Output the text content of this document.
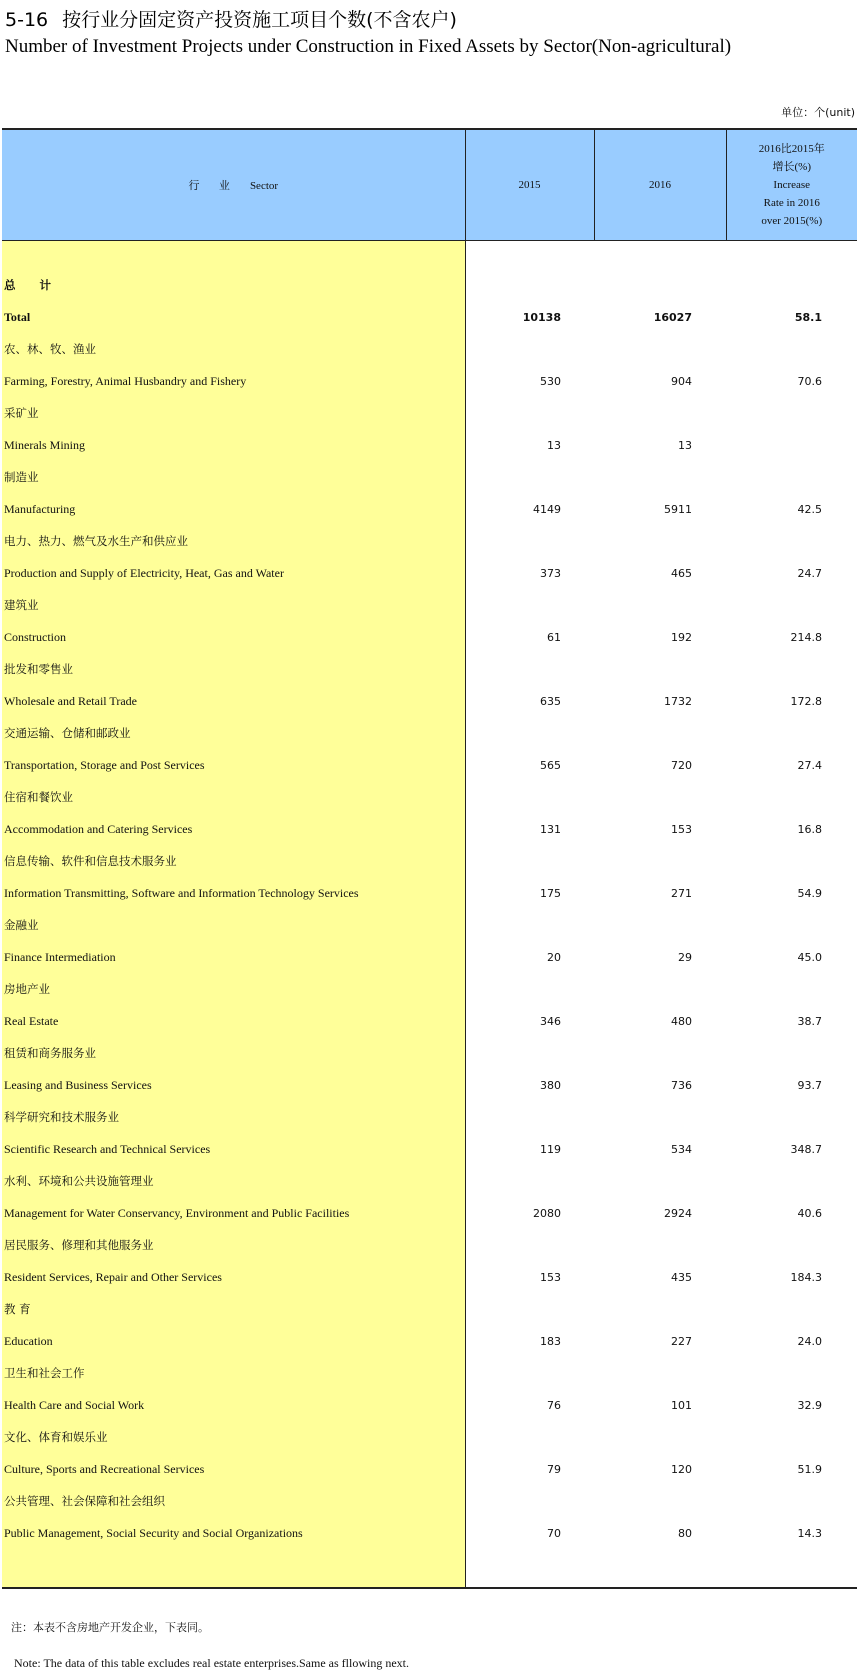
5-16 按行业分固定资产投资施工项目个数(不含农户)
Number of Investment Projects under Construction in Fixed Assets by Sector(Non-agricultural)
单位：个(unit)
行 业 Sector	2015	2016	2016比2015年
增长(%)
Increase
Rate in 2016
over 2015(%)

总 计			
Total	10138	16027	58.1
农、林、牧、渔业			
Farming, Forestry, Animal Husbandry and Fishery	530	904	70.6
采矿业			
Minerals Mining	13	13	
制造业			
Manufacturing	4149	5911	42.5
电力、热力、燃气及水生产和供应业			
Production and Supply of Electricity, Heat, Gas and Water	373	465	24.7
建筑业			
Construction	61	192	214.8
批发和零售业			
Wholesale and Retail Trade	635	1732	172.8
交通运输、仓储和邮政业			
Transportation, Storage and Post Services	565	720	27.4
住宿和餐饮业			
Accommodation and Catering Services	131	153	16.8
信息传输、软件和信息技术服务业			
Information Transmitting, Software and Information Technology Services	175	271	54.9
金融业			
Finance Intermediation	20	29	45.0
房地产业			
Real Estate	346	480	38.7
租赁和商务服务业			
Leasing and Business Services	380	736	93.7
科学研究和技术服务业			
Scientific Research and Technical Services	119	534	348.7
水利、环境和公共设施管理业			
Management for Water Conservancy, Environment and Public Facilities	2080	2924	40.6
居民服务、修理和其他服务业			
Resident Services, Repair and Other Services	153	435	184.3
教 育			
Education	183	227	24.0
卫生和社会工作			
Health Care and Social Work	76	101	32.9
文化、体育和娱乐业			
Culture, Sports and Recreational Services	79	120	51.9
公共管理、社会保障和社会组织			
Public Management, Social Security and Social Organizations	70	80	14.3

注：本表不含房地产开发企业，下表同。
Note: The data of this table excludes real estate enterprises.Same as fllowing next.
